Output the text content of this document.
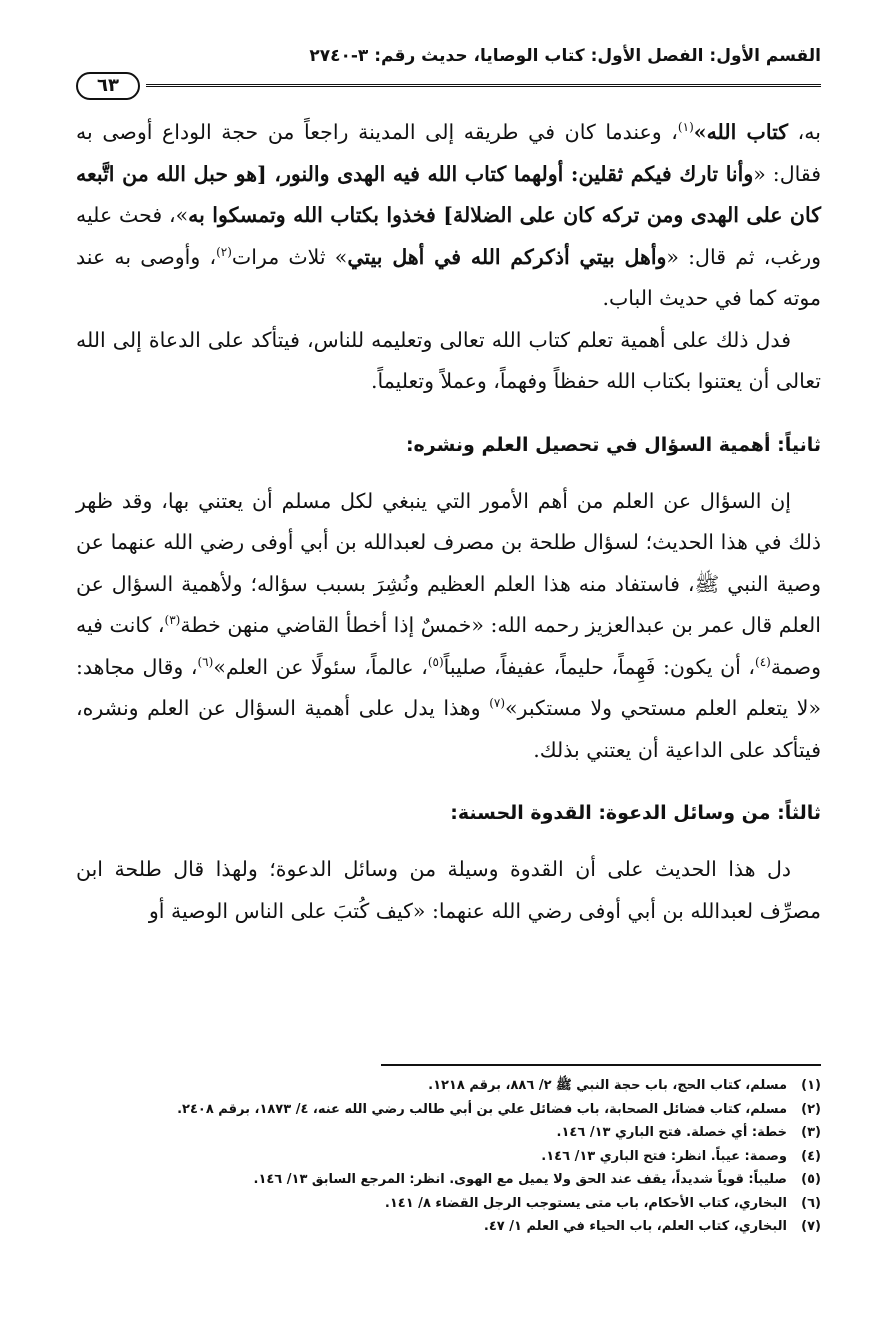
القسم الأول: الفصل الأول: كتاب الوصايا، حديث رقم: ٣-٢٧٤٠
٦٣

به، كتاب الله»$^{(١)}$، وعندما كان في طريقه إلى المدينة راجعاً من حجة الوداع أوصى به فقال: «وأنا تارك فيكم ثقلين: أولهما كتاب الله فيه الهدى والنور، [هو حبل الله من اتَّبعه كان على الهدى ومن تركه كان على الضلالة] فخذوا بكتاب الله وتمسكوا به»، فحث عليه ورغب، ثم قال: «وأهل بيتي أذكركم الله في أهل بيتي» ثلاث مرات$^{(٢)}$، وأوصى به عند موته كما في حديث الباب.

فدل ذلك على أهمية تعلم كتاب الله تعالى وتعليمه للناس، فيتأكد على الدعاة إلى الله تعالى أن يعتنوا بكتاب الله حفظاً وفهماً، وعملاً وتعليماً.

ثانياً: أهمية السؤال في تحصيل العلم ونشره:

إن السؤال عن العلم من أهم الأمور التي ينبغي لكل مسلم أن يعتني بها، وقد ظهر ذلك في هذا الحديث؛ لسؤال طلحة بن مصرف لعبدالله بن أبي أوفى رضي الله عنهما عن وصية النبي ﷺ، فاستفاد منه هذا العلم العظيم ونُشِرَ بسبب سؤاله؛ ولأهمية السؤال عن العلم قال عمر بن عبدالعزيز رحمه الله: «خمسٌ إذا أخطأ القاضي منهن خطة$^{(٣)}$، كانت فيه وصمة$^{(٤)}$، أن يكون: فَهِماً، حليماً، عفيفاً، صليباً$^{(٥)}$، عالماً، سئولًا عن العلم»$^{(٦)}$، وقال مجاهد: «لا يتعلم العلم مستحي ولا مستكبر»$^{(٧)}$ وهذا يدل على أهمية السؤال عن العلم ونشره، فيتأكد على الداعية أن يعتني بذلك.

ثالثاً: من وسائل الدعوة: القدوة الحسنة:

دل هذا الحديث على أن القدوة وسيلة من وسائل الدعوة؛ ولهذا قال طلحة ابن مصرِّف لعبدالله بن أبي أوفى رضي الله عنهما: «كيف كُتبَ على الناس الوصية أو

(١)مسلم، كتاب الحج، باب حجة النبي ﷺ ٢/ ٨٨٦، برقم ١٢١٨.
(٢)مسلم، كتاب فضائل الصحابة، باب فضائل علي بن أبي طالب رضي الله عنه، ٤/ ١٨٧٣، برقم ٢٤٠٨.
(٣)خطة: أي خصلة. فتح الباري ١٣/ ١٤٦.
(٤)وصمة: عيباً. انظر: فتح الباري ١٣/ ١٤٦.
(٥)صليباً: قوياً شديداً، يقف عند الحق ولا يميل مع الهوى. انظر: المرجع السابق ١٣/ ١٤٦.
(٦)البخاري، كتاب الأحكام، باب متى يستوجب الرجل القضاء ٨/ ١٤١.
(٧)البخاري، كتاب العلم، باب الحياء في العلم ١/ ٤٧.
